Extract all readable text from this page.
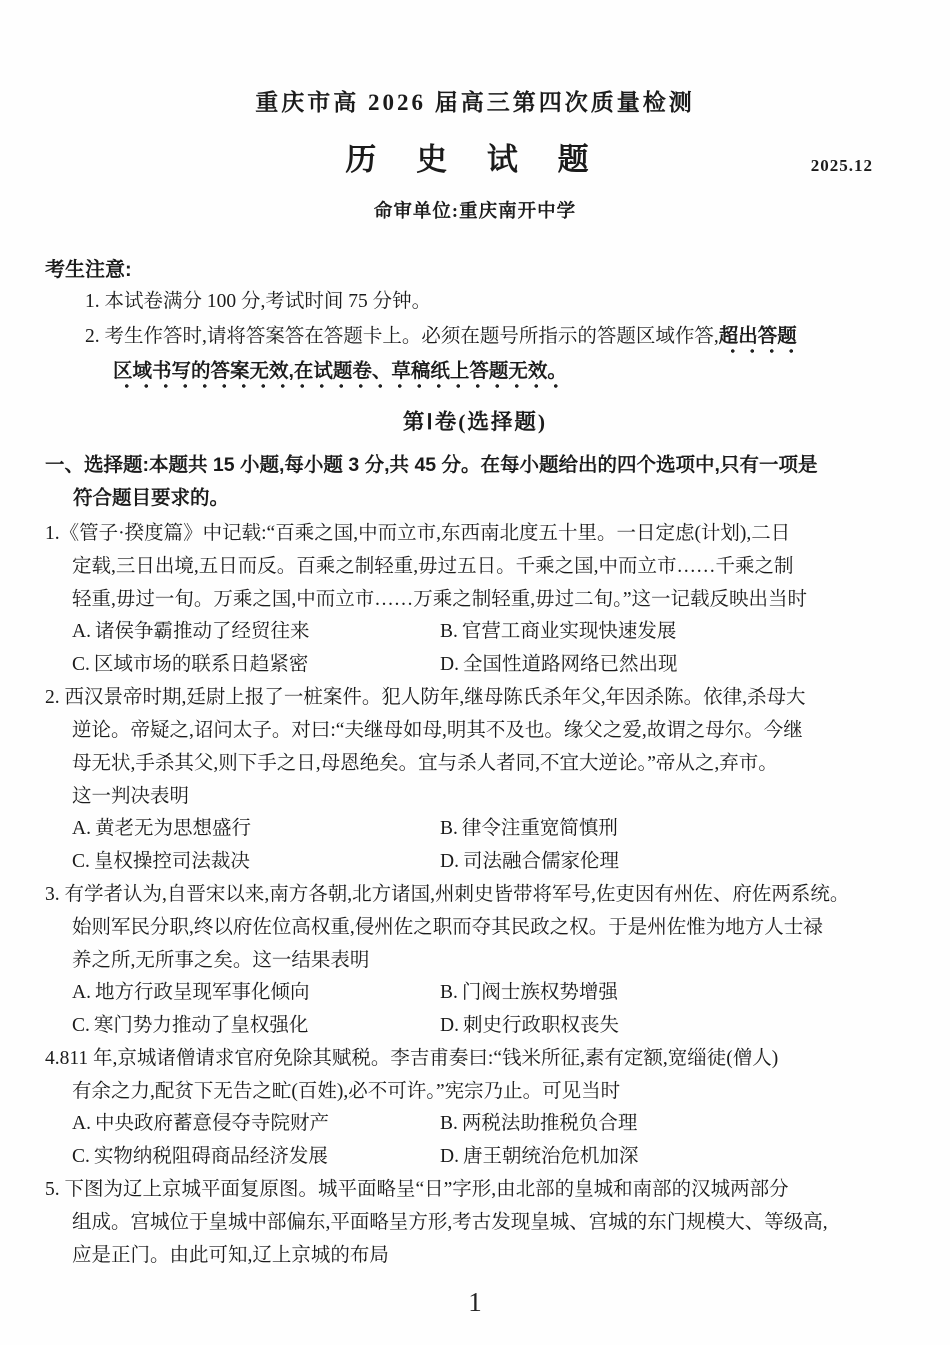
重庆市高 2026 届高三第四次质量检测
历 史 试 题	2025.12
命审单位:重庆南开中学
考生注意:
1. 本试卷满分 100 分,考试时间 75 分钟。
2. 考生作答时,请将答案答在答题卡上。必须在题号所指示的答题区域作答,超出答题
区域书写的答案无效,在试题卷、草稿纸上答题无效。
第Ⅰ卷(选择题)
一、选择题:本题共 15 小题,每小题 3 分,共 45 分。在每小题给出的四个选项中,只有一项是
符合题目要求的。
1.《管子·揆度篇》中记载:“百乘之国,中而立市,东西南北度五十里。一日定虑(计划),二日
定载,三日出境,五日而反。百乘之制轻重,毋过五日。千乘之国,中而立市……千乘之制
轻重,毋过一旬。万乘之国,中而立市……万乘之制轻重,毋过二旬。”这一记载反映出当时
A. 诸侯争霸推动了经贸往来	B. 官营工商业实现快速发展
C. 区域市场的联系日趋紧密	D. 全国性道路网络已然出现
2. 西汉景帝时期,廷尉上报了一桩案件。犯人防年,继母陈氏杀年父,年因杀陈。依律,杀母大
逆论。帝疑之,诏问太子。对曰:“夫继母如母,明其不及也。缘父之爱,故谓之母尔。今继
母无状,手杀其父,则下手之日,母恩绝矣。宜与杀人者同,不宜大逆论。”帝从之,弃市。
这一判决表明
A. 黄老无为思想盛行	B. 律令注重宽简慎刑
C. 皇权操控司法裁决	D. 司法融合儒家伦理
3. 有学者认为,自晋宋以来,南方各朝,北方诸国,州刺史皆带将军号,佐吏因有州佐、府佐两系统。
始则军民分职,终以府佐位高权重,侵州佐之职而夺其民政之权。于是州佐惟为地方人士禄
养之所,无所事之矣。这一结果表明
A. 地方行政呈现军事化倾向	B. 门阀士族权势增强
C. 寒门势力推动了皇权强化	D. 刺史行政职权丧失
4.811 年,京城诸僧请求官府免除其赋税。李吉甫奏曰:“钱米所征,素有定额,宽缁徒(僧人)
有余之力,配贫下无告之甿(百姓),必不可许。”宪宗乃止。可见当时
A. 中央政府蓄意侵夺寺院财产	B. 两税法助推税负合理
C. 实物纳税阻碍商品经济发展	D. 唐王朝统治危机加深
5. 下图为辽上京城平面复原图。城平面略呈“日”字形,由北部的皇城和南部的汉城两部分
组成。宫城位于皇城中部偏东,平面略呈方形,考古发现皇城、宫城的东门规模大、等级高,
应是正门。由此可知,辽上京城的布局
1
